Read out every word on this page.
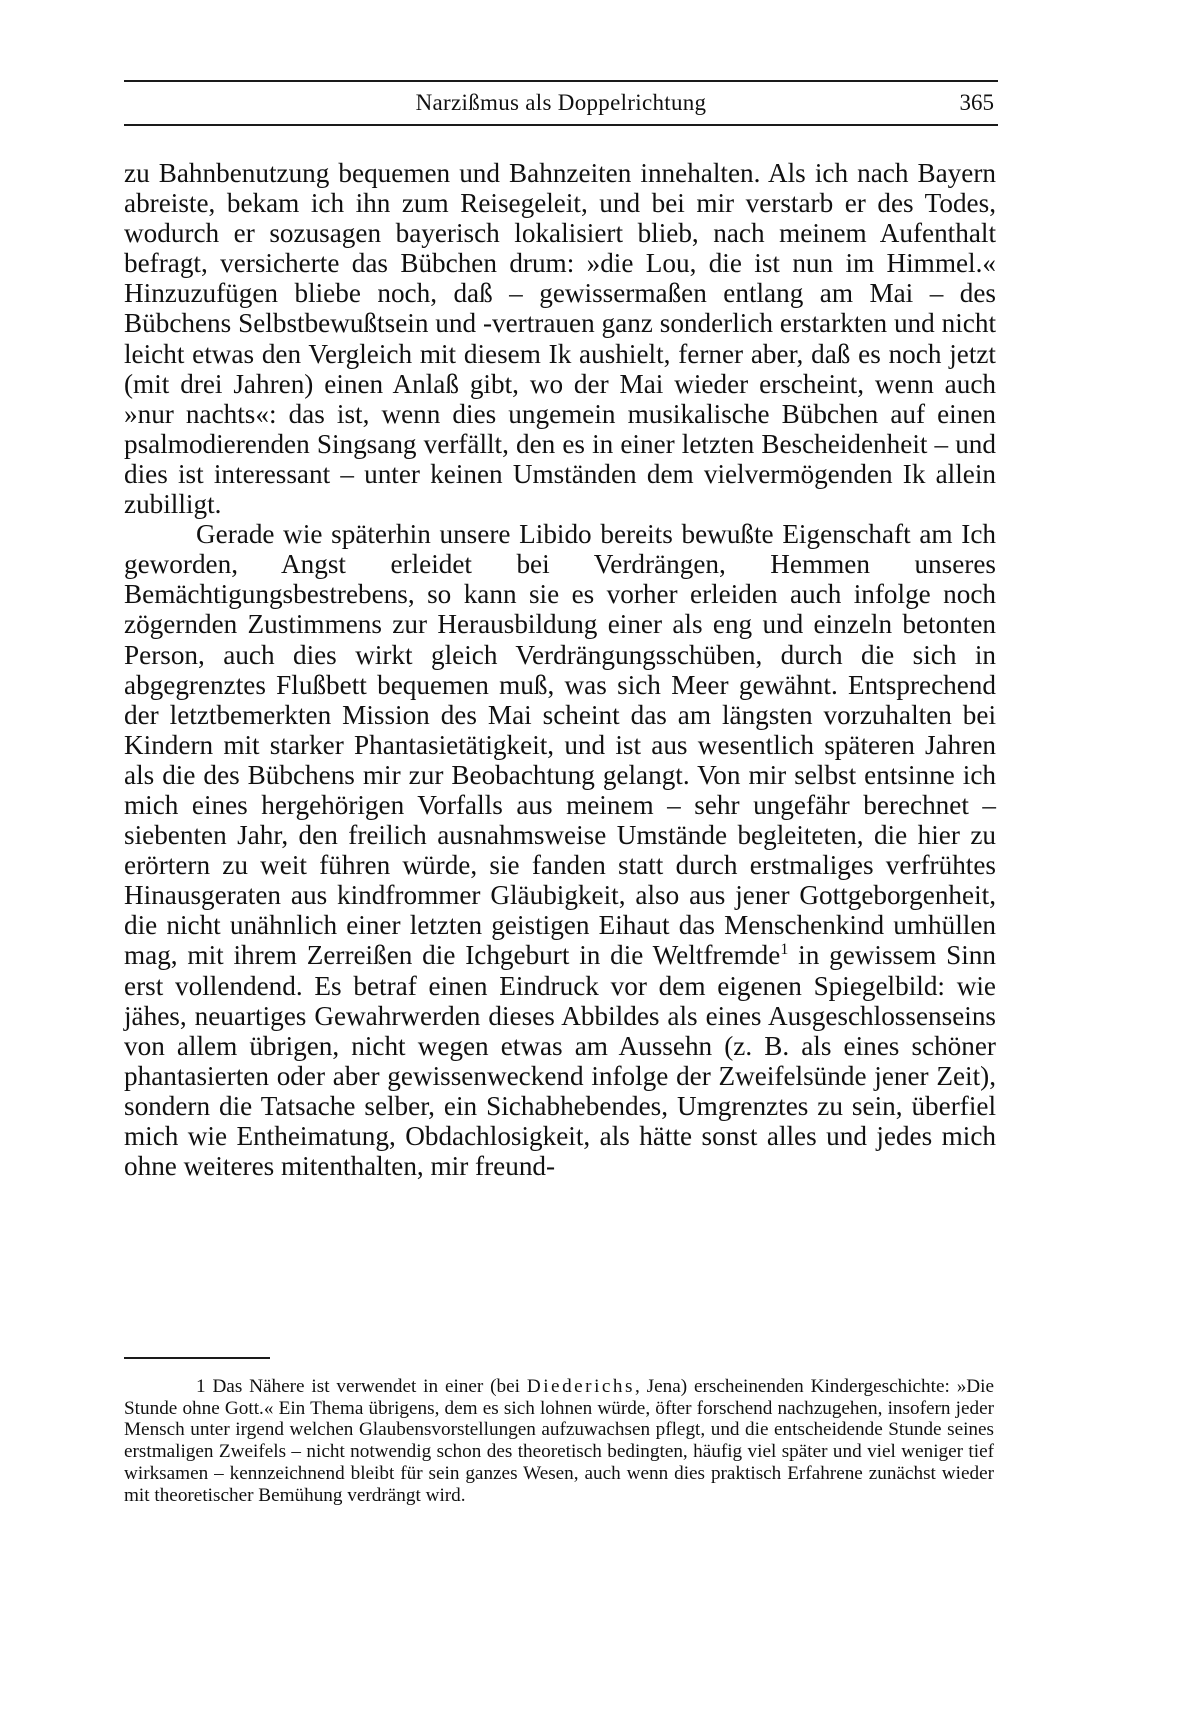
Narzißmus als Doppelrichtung	365

zu Bahnbenutzung bequemen und Bahnzeiten innehalten. Als ich nach Bayern abreiste, bekam ich ihn zum Reisegeleit, und bei mir verstarb er des Todes, wodurch er sozusagen bayerisch lokalisiert blieb, nach meinem Aufenthalt befragt, versicherte das Bübchen drum: »die Lou, die ist nun im Himmel.« Hinzuzufügen bliebe noch, daß – gewissermaßen entlang am Mai – des Bübchens Selbstbewußtsein und -vertrauen ganz sonderlich erstarkten und nicht leicht etwas den Vergleich mit diesem Ik aushielt, ferner aber, daß es noch jetzt (mit drei Jahren) einen Anlaß gibt, wo der Mai wieder erscheint, wenn auch »nur nachts«: das ist, wenn dies ungemein musikalische Bübchen auf einen psalmodierenden Singsang verfällt, den es in einer letzten Bescheidenheit – und dies ist interessant – unter keinen Umständen dem vielvermögenden Ik allein zubilligt.

Gerade wie späterhin unsere Libido bereits bewußte Eigenschaft am Ich geworden, Angst erleidet bei Verdrängen, Hemmen unseres Bemächtigungsbestrebens, so kann sie es vorher erleiden auch infolge noch zögernden Zustimmens zur Herausbildung einer als eng und einzeln betonten Person, auch dies wirkt gleich Verdrängungsschüben, durch die sich in abgegrenztes Flußbett bequemen muß, was sich Meer gewähnt. Entsprechend der letztbemerkten Mission des Mai scheint das am längsten vorzuhalten bei Kindern mit starker Phantasietätigkeit, und ist aus wesentlich späteren Jahren als die des Bübchens mir zur Beobachtung gelangt. Von mir selbst entsinne ich mich eines hergehörigen Vorfalls aus meinem – sehr ungefähr berechnet – siebenten Jahr, den freilich ausnahmsweise Umstände begleiteten, die hier zu erörtern zu weit führen würde, sie fanden statt durch erstmaliges verfrühtes Hinausgeraten aus kindfrommer Gläubigkeit, also aus jener Gottgeborgenheit, die nicht unähnlich einer letzten geistigen Eihaut das Menschenkind umhüllen mag, mit ihrem Zerreißen die Ichgeburt in die Weltfremde$^1$ in gewissem Sinn erst vollendend. Es betraf einen Eindruck vor dem eigenen Spiegelbild: wie jähes, neuartiges Gewahrwerden dieses Abbildes als eines Ausgeschlossenseins von allem übrigen, nicht wegen etwas am Aussehn (z. B. als eines schöner phantasierten oder aber gewissenweckend infolge der Zweifelsünde jener Zeit), sondern die Tatsache selber, ein Sichabhebendes, Umgrenztes zu sein, überfiel mich wie Entheimatung, Obdachlosigkeit, als hätte sonst alles und jedes mich ohne weiteres mitenthalten, mir freund-

1 Das Nähere ist verwendet in einer (bei Diederichs, Jena) erscheinenden Kindergeschichte: »Die Stunde ohne Gott.« Ein Thema übrigens, dem es sich lohnen würde, öfter forschend nachzugehen, insofern jeder Mensch unter irgend welchen Glaubensvorstellungen aufzuwachsen pflegt, und die entscheidende Stunde seines erstmaligen Zweifels – nicht notwendig schon des theoretisch bedingten, häufig viel später und viel weniger tief wirksamen – kennzeichnend bleibt für sein ganzes Wesen, auch wenn dies praktisch Erfahrene zunächst wieder mit theoretischer Bemühung verdrängt wird.
